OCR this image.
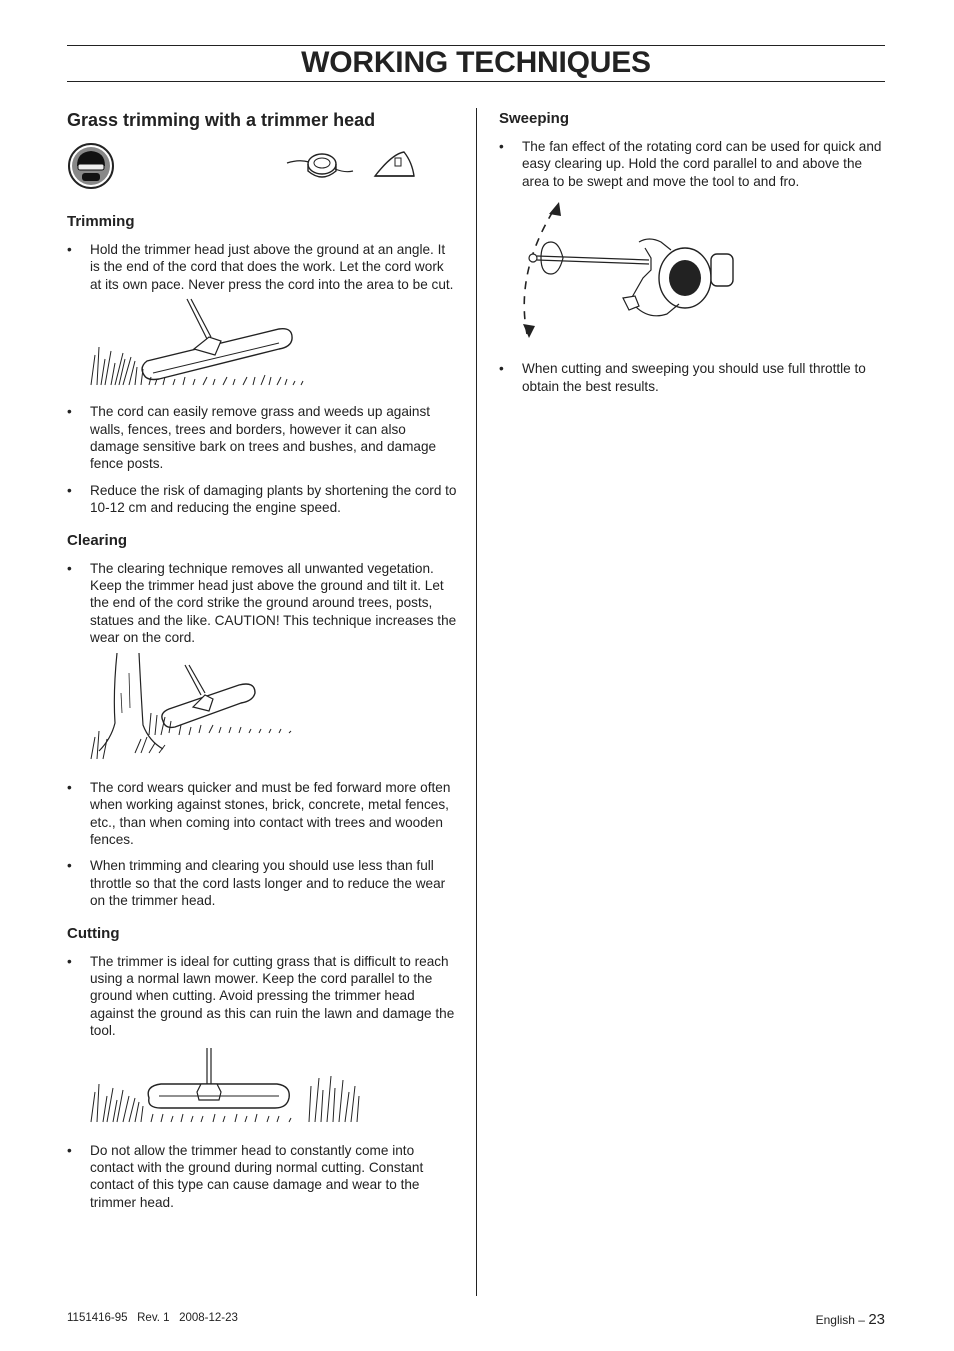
WORKING TECHNIQUES
Grass trimming with a trimmer head
Trimming
• Hold the trimmer head just above the ground at an angle. It is the end of the cord that does the work. Let the cord work at its own pace. Never press the cord into the area to be cut.
• The cord can easily remove grass and weeds up against walls, fences, trees and borders, however it can also damage sensitive bark on trees and bushes, and damage fence posts.
• Reduce the risk of damaging plants by shortening the cord to 10-12 cm and reducing the engine speed.
Clearing
• The clearing technique removes all unwanted vegetation. Keep the trimmer head just above the ground and tilt it. Let the end of the cord strike the ground around trees, posts, statues and the like. CAUTION! This technique increases the wear on the cord.
• The cord wears quicker and must be fed forward more often when working against stones, brick, concrete, metal fences, etc., than when coming into contact with trees and wooden fences.
• When trimming and clearing you should use less than full throttle so that the cord lasts longer and to reduce the wear on the trimmer head.
Cutting
• The trimmer is ideal for cutting grass that is difficult to reach using a normal lawn mower. Keep the cord parallel to the ground when cutting. Avoid pressing the trimmer head against the ground as this can ruin the lawn and damage the tool.
• Do not allow the trimmer head to constantly come into contact with the ground during normal cutting. Constant contact of this type can cause damage and wear to the trimmer head.
Sweeping
• The fan effect of the rotating cord can be used for quick and easy clearing up. Hold the cord parallel to and above the area to be swept and move the tool to and fro.
• When cutting and sweeping you should use full throttle to obtain the best results.
1151416-95   Rev. 1   2008-12-23	English – 23
